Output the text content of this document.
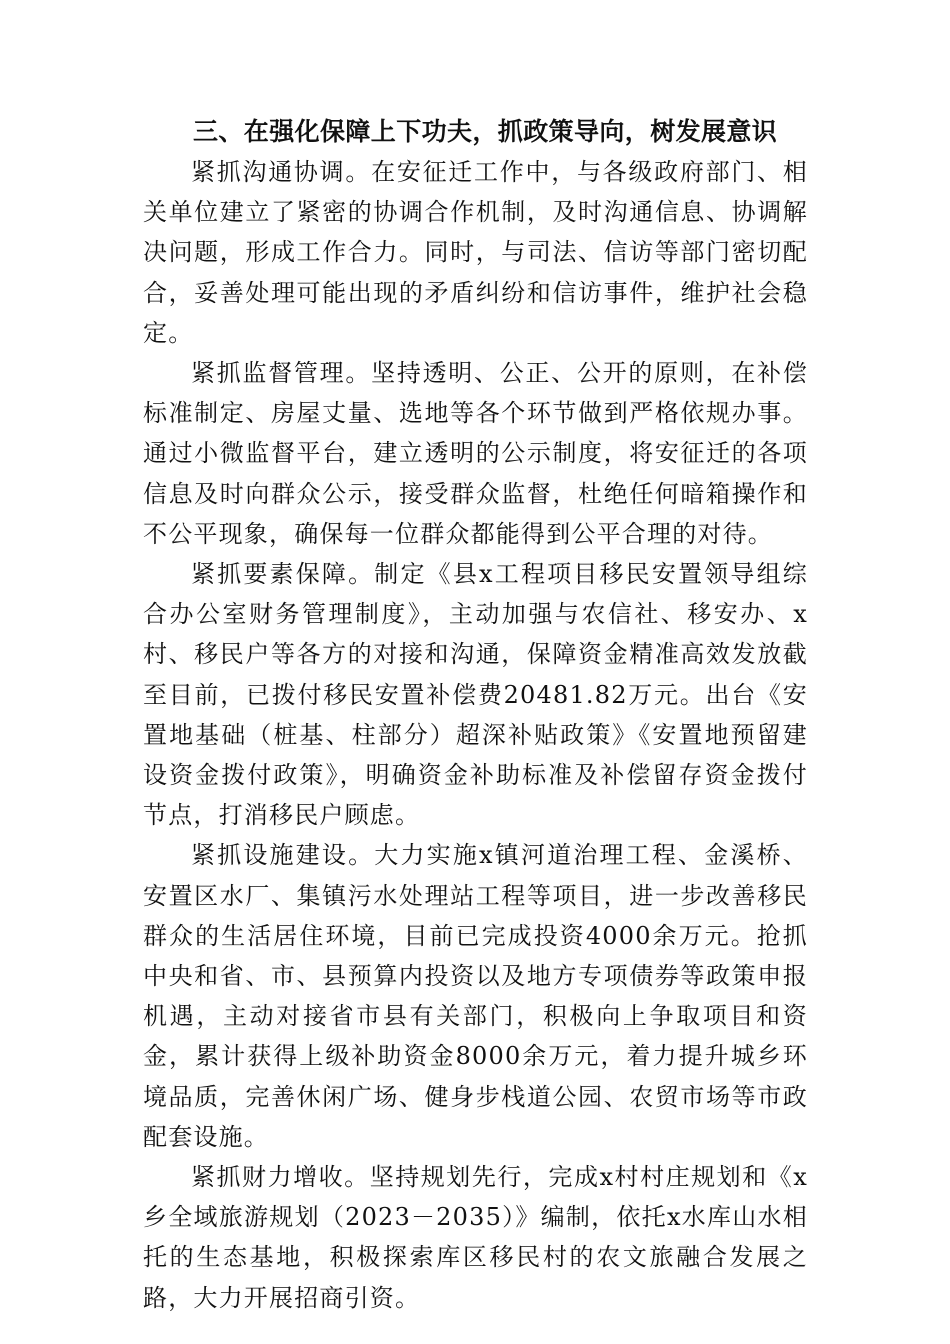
三、在强化保障上下功夫，抓政策导向，树发展意识

紧抓沟通协调。在安征迁工作中，与各级政府部门、相关单位建立了紧密的协调合作机制，及时沟通信息、协调解决问题，形成工作合力。同时，与司法、信访等部门密切配合，妥善处理可能出现的矛盾纠纷和信访事件，维护社会稳定。

紧抓监督管理。坚持透明、公正、公开的原则，在补偿标准制定、房屋丈量、选地等各个环节做到严格依规办事。通过小微监督平台，建立透明的公示制度，将安征迁的各项信息及时向群众公示，接受群众监督，杜绝任何暗箱操作和不公平现象，确保每一位群众都能得到公平合理的对待。

紧抓要素保障。制定《县x工程项目移民安置领导组综合办公室财务管理制度》，主动加强与农信社、移安办、x村、移民户等各方的对接和沟通，保障资金精准高效发放截至目前，已拨付移民安置补偿费20481.82万元。出台《安置地基础（桩基、柱部分）超深补贴政策》《安置地预留建设资金拨付政策》，明确资金补助标准及补偿留存资金拨付节点，打消移民户顾虑。

紧抓设施建设。大力实施x镇河道治理工程、金溪桥、安置区水厂、集镇污水处理站工程等项目，进一步改善移民群众的生活居住环境，目前已完成投资4000余万元。抢抓中央和省、市、县预算内投资以及地方专项债券等政策申报机遇，主动对接省市县有关部门，积极向上争取项目和资金，累计获得上级补助资金8000余万元，着力提升城乡环境品质，完善休闲广场、健身步栈道公园、农贸市场等市政配套设施。

紧抓财力增收。坚持规划先行，完成x村村庄规划和《x乡全域旅游规划（2023－2035）》编制，依托x水库山水相托的生态基地，积极探索库区移民村的农文旅融合发展之路，大力开展招商引资。
